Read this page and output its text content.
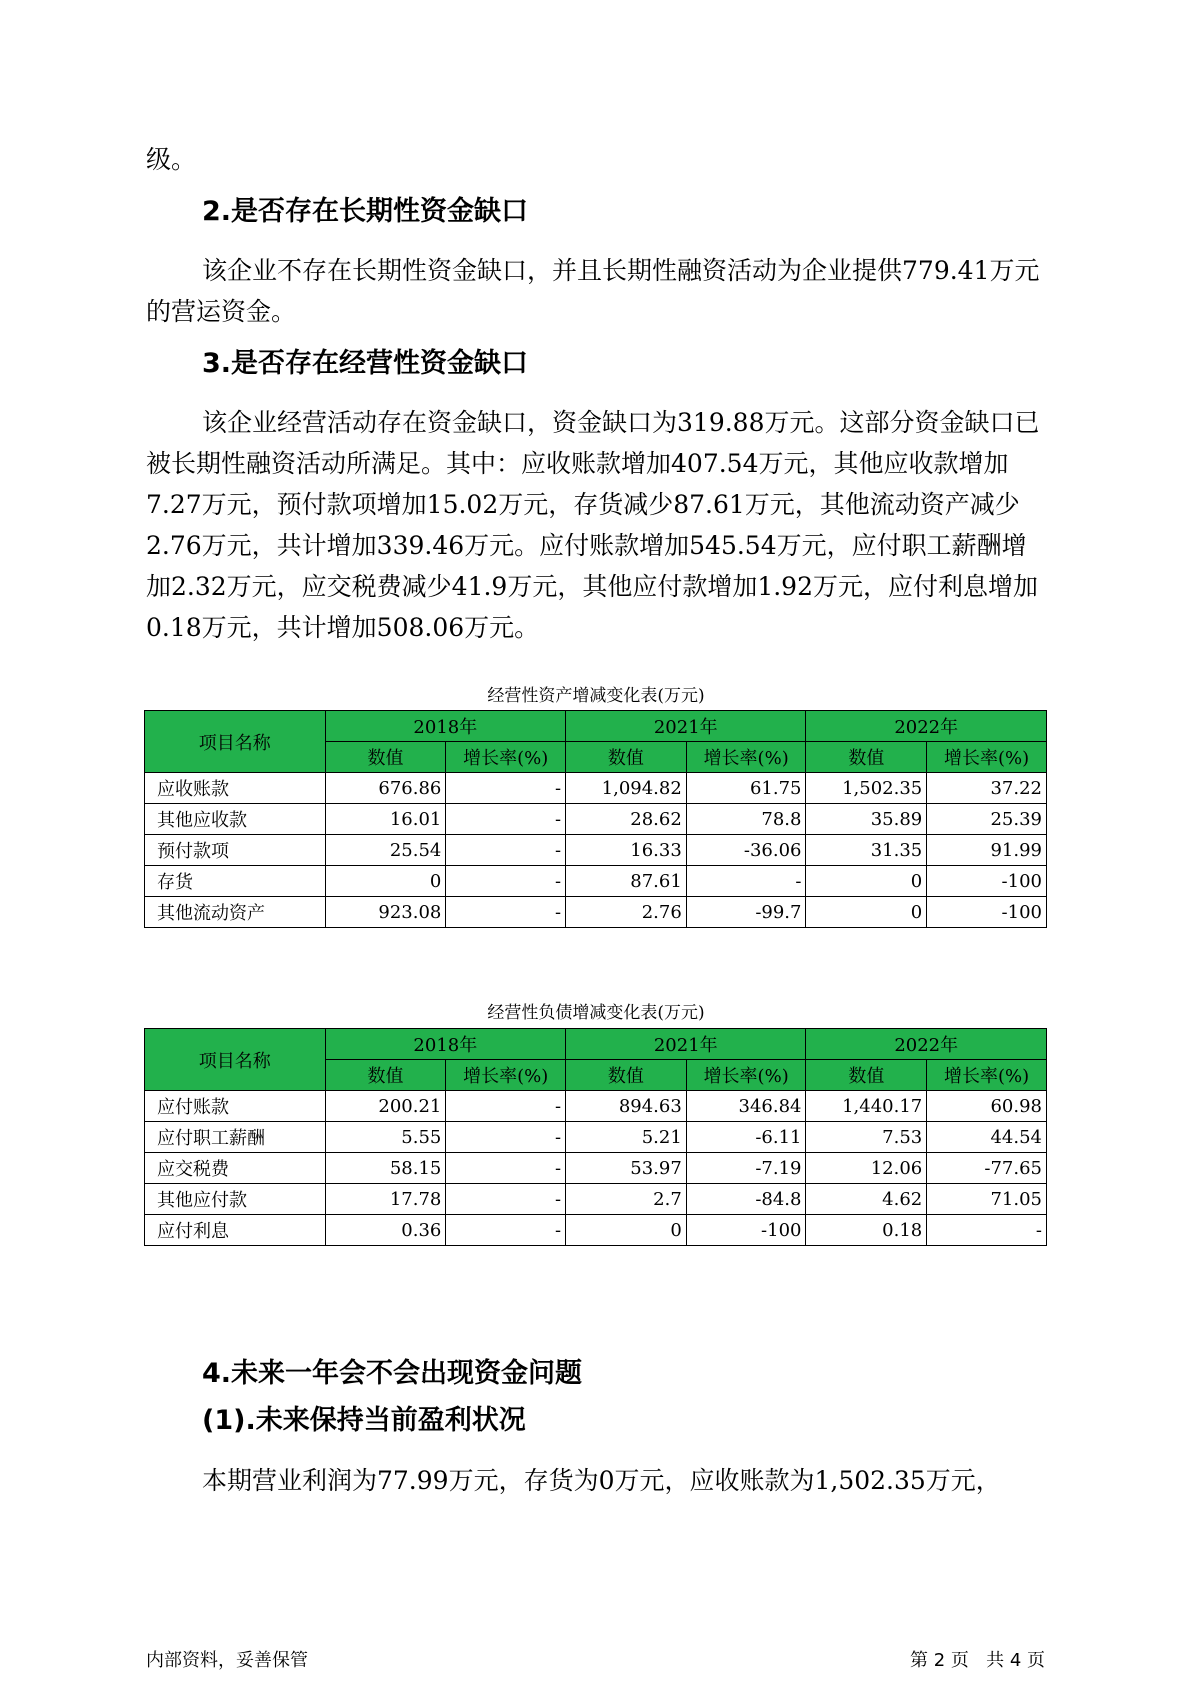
级。

2.是否存在长期性资金缺口

该企业不存在长期性资金缺口，并且长期性融资活动为企业提供779.41万元的营运资金。

3.是否存在经营性资金缺口

该企业经营活动存在资金缺口，资金缺口为319.88万元。这部分资金缺口已被长期性融资活动所满足。其中：应收账款增加407.54万元，其他应收款增加7.27万元，预付款项增加15.02万元，存货减少87.61万元，其他流动资产减少2.76万元，共计增加339.46万元。应付账款增加545.54万元，应付职工薪酬增加2.32万元，应交税费减少41.9万元，其他应付款增加1.92万元，应付利息增加0.18万元，共计增加508.06万元。

经营性资产增减变化表(万元)

项目名称	2018年		2021年		2022年	
	数值	增长率(%)	数值	增长率(%)	数值	增长率(%)
应收账款	676.86	-	1,094.82	61.75	1,502.35	37.22
其他应收款	16.01	-	28.62	78.8	35.89	25.39
预付款项	25.54	-	16.33	-36.06	31.35	91.99
存货	0	-	87.61	-	0	-100
其他流动资产	923.08	-	2.76	-99.7	0	-100

经营性负债增减变化表(万元)

项目名称	2018年		2021年		2022年	
	数值	增长率(%)	数值	增长率(%)	数值	增长率(%)
应付账款	200.21	-	894.63	346.84	1,440.17	60.98
应付职工薪酬	5.55	-	5.21	-6.11	7.53	44.54
应交税费	58.15	-	53.97	-7.19	12.06	-77.65
其他应付款	17.78	-	2.7	-84.8	4.62	71.05
应付利息	0.36	-	0	-100	0.18	-
4.未来一年会不会出现资金问题
(1).未来保持当前盈利状况

本期营业利润为77.99万元，存货为0万元，应收账款为1,502.35万元，

内部资料，妥善保管	第 2 页   共 4 页
